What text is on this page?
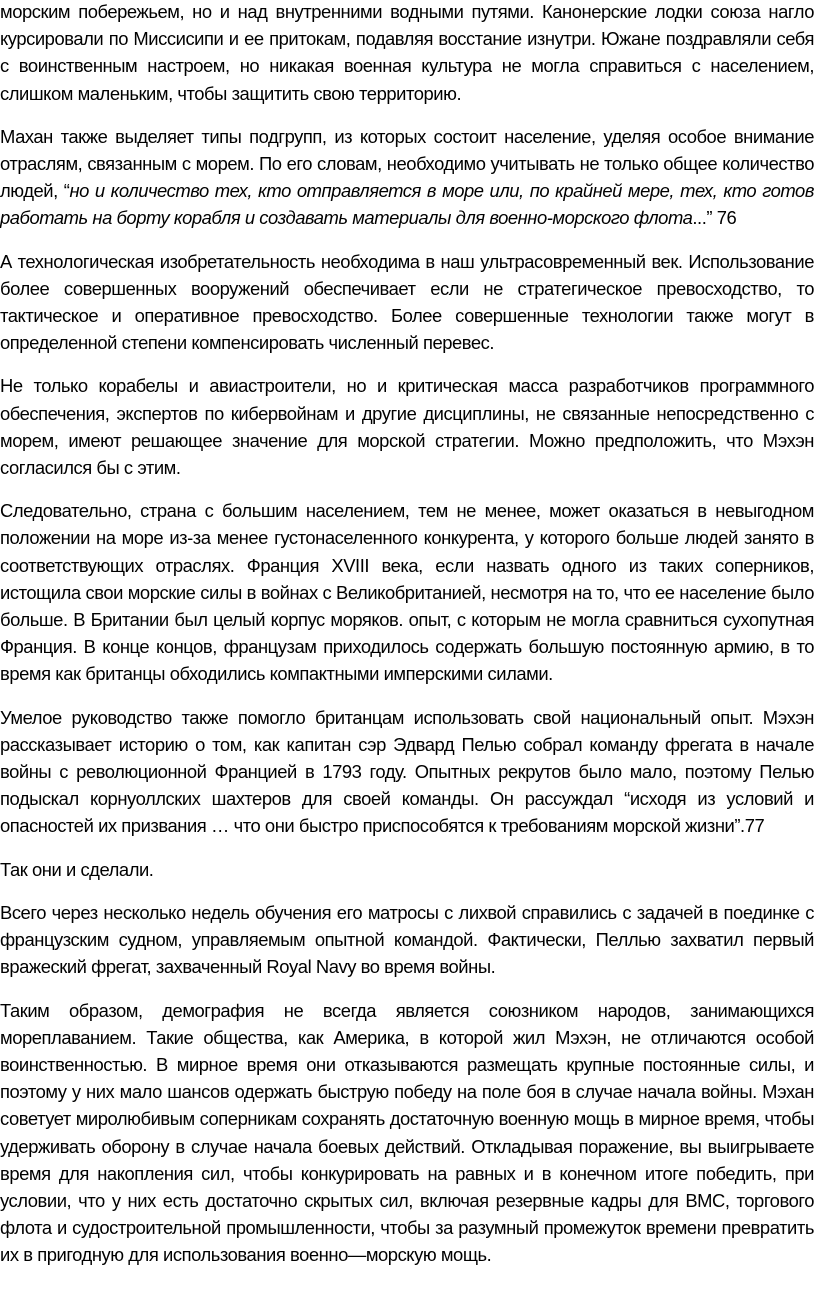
морским побережьем, но и над внутренними водными путями. Канонерские лодки союза нагло курсировали по Миссисипи и ее притокам, подавляя восстание изнутри. Южане поздравляли себя с воинственным настроем, но никакая военная культура не могла справиться с населением, слишком маленьким, чтобы защитить свою территорию.

Махан также выделяет типы подгрупп, из которых состоит население, уделяя особое внимание отраслям, связанным с морем. По его словам, необходимо учитывать не только общее количество людей, “но и количество тех, кто отправляется в море или, по крайней мере, тех, кто готов работать на борту корабля и создавать материалы для военно-морского флота...” 76

А технологическая изобретательность необходима в наш ультрасовременный век. Использование более совершенных вооружений обеспечивает если не стратегическое превосходство, то тактическое и оперативное превосходство. Более совершенные технологии также могут в определенной степени компенсировать численный перевес.

Не только корабелы и авиастроители, но и критическая масса разработчиков программного обеспечения, экспертов по кибервойнам и другие дисциплины, не связанные непосредственно с морем, имеют решающее значение для морской стратегии. Можно предположить, что Мэхэн согласился бы с этим.

Следовательно, страна с большим населением, тем не менее, может оказаться в невыгодном положении на море из-за менее густонаселенного конкурента, у которого больше людей занято в соответствующих отраслях. Франция XVIII века, если назвать одного из таких соперников, истощила свои морские силы в войнах с Великобританией, несмотря на то, что ее население было больше. В Британии был целый корпус моряков. опыт, с которым не могла сравниться сухопутная Франция. В конце концов, французам приходилось содержать большую постоянную армию, в то время как британцы обходились компактными имперскими силами.

Умелое руководство также помогло британцам использовать свой национальный опыт. Мэхэн рассказывает историю о том, как капитан сэр Эдвард Пелью собрал команду фрегата в начале войны с революционной Францией в 1793 году. Опытных рекрутов было мало, поэтому Пелью подыскал корнуоллских шахтеров для своей команды. Он рассуждал “исходя из условий и опасностей их призвания … что они быстро приспособятся к требованиям морской жизни”.77

Так они и сделали.

Всего через несколько недель обучения его матросы с лихвой справились с задачей в поединке с французским судном, управляемым опытной командой. Фактически, Пеллью захватил первый вражеский фрегат, захваченный Royal Navy во время войны.

Таким образом, демография не всегда является союзником народов, занимающихся мореплаванием. Такие общества, как Америка, в которой жил Мэхэн, не отличаются особой воинственностью. В мирное время они отказываются размещать крупные постоянные силы, и поэтому у них мало шансов одержать быструю победу на поле боя в случае начала войны. Мэхан советует миролюбивым соперникам сохранять достаточную военную мощь в мирное время, чтобы удерживать оборону в случае начала боевых действий. Откладывая поражение, вы выигрываете время для накопления сил, чтобы конкурировать на равных и в конечном итоге победить, при условии, что у них есть достаточно скрытых сил, включая резервные кадры для ВМС, торгового флота и судостроительной промышленности, чтобы за разумный промежуток времени превратить их в пригодную для использования военно—морскую мощь.
